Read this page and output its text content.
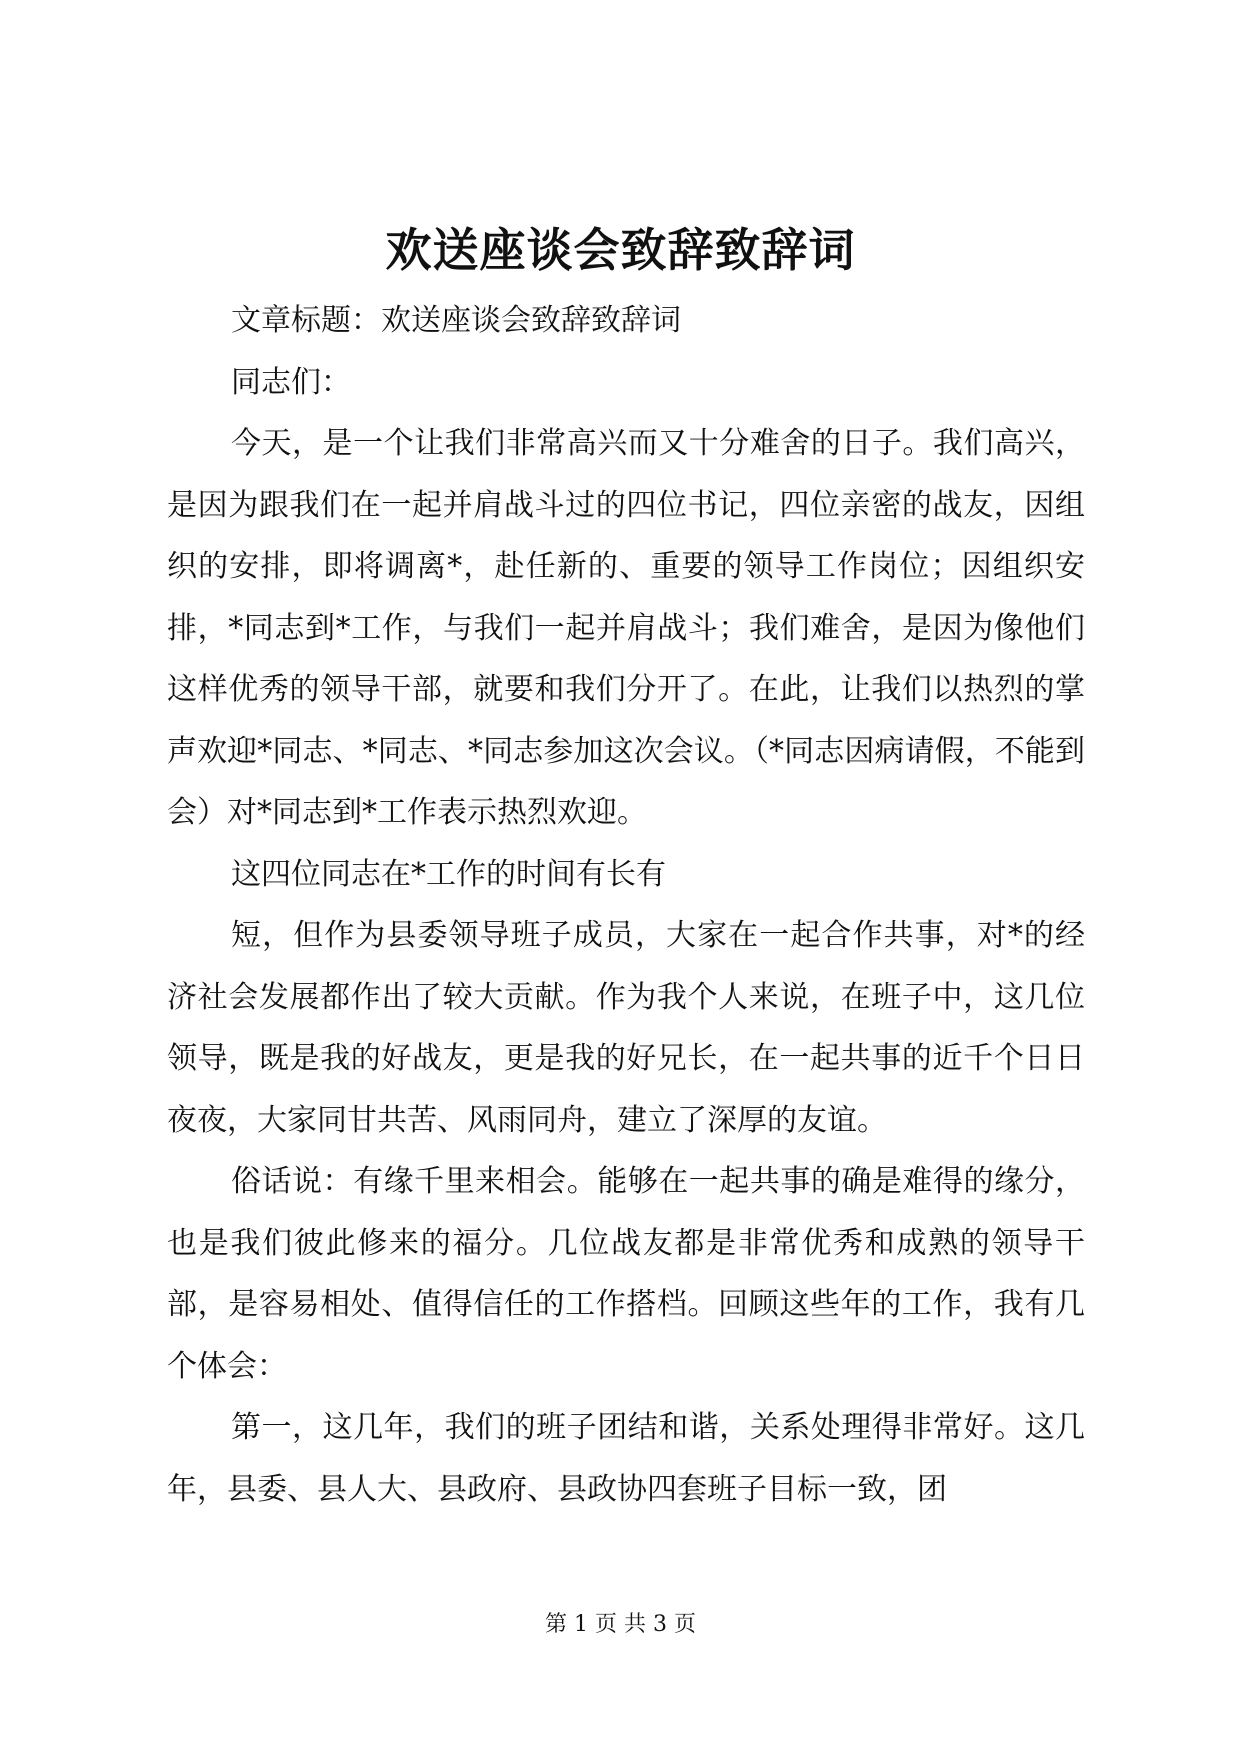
欢送座谈会致辞致辞词

文章标题：欢送座谈会致辞致辞词

同志们：

今天，是一个让我们非常高兴而又十分难舍的日子。我们高兴，是因为跟我们在一起并肩战斗过的四位书记，四位亲密的战友，因组织的安排，即将调离*，赴任新的、重要的领导工作岗位；因组织安排，*同志到*工作，与我们一起并肩战斗；我们难舍，是因为像他们这样优秀的领导干部，就要和我们分开了。在此，让我们以热烈的掌声欢迎*同志、*同志、*同志参加这次会议。（*同志因病请假，不能到会）对*同志到*工作表示热烈欢迎。

这四位同志在*工作的时间有长有

短，但作为县委领导班子成员，大家在一起合作共事，对*的经济社会发展都作出了较大贡献。作为我个人来说，在班子中，这几位领导，既是我的好战友，更是我的好兄长，在一起共事的近千个日日夜夜，大家同甘共苦、风雨同舟，建立了深厚的友谊。

俗话说：有缘千里来相会。能够在一起共事的确是难得的缘分，也是我们彼此修来的福分。几位战友都是非常优秀和成熟的领导干部，是容易相处、值得信任的工作搭档。回顾这些年的工作，我有几个体会：

第一，这几年，我们的班子团结和谐，关系处理得非常好。这几年，县委、县人大、县政府、县政协四套班子目标一致，团

第 1 页 共 3 页
